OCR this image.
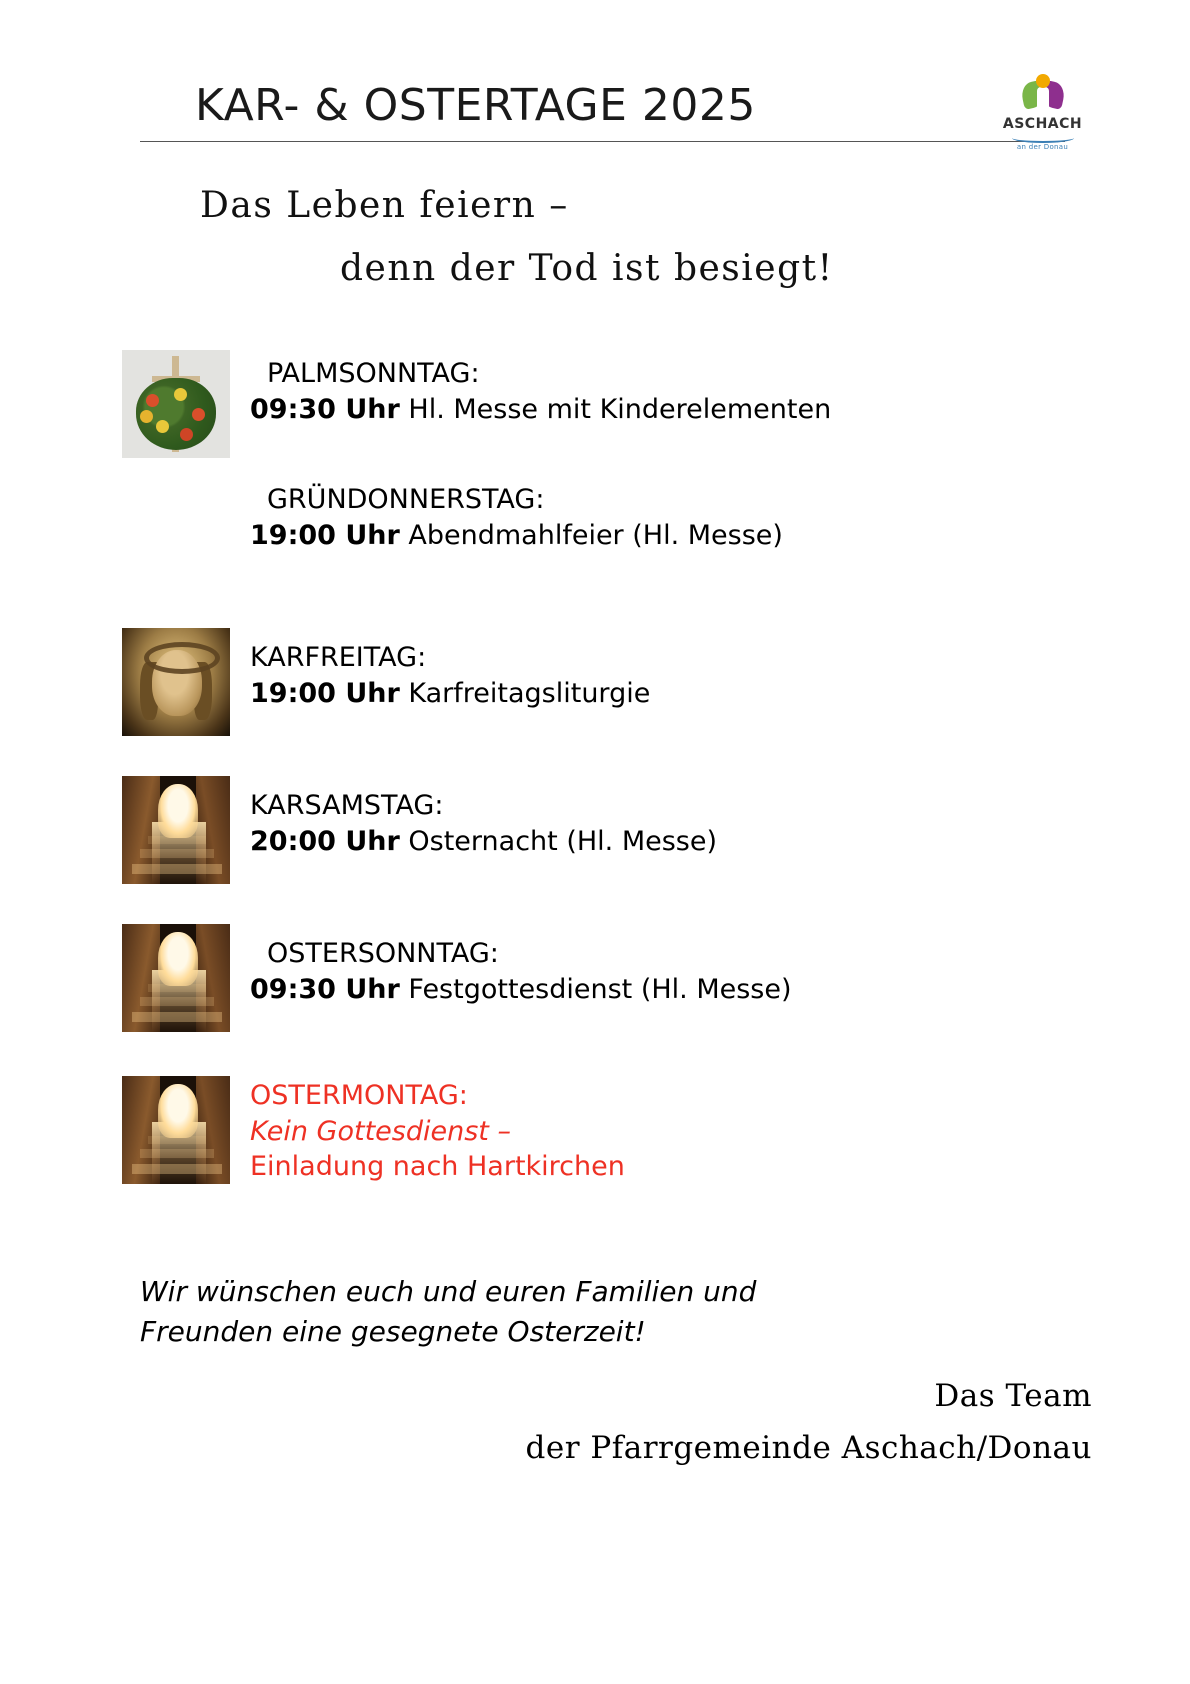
KAR- & OSTERTAGE 2025	ASCHACH
an der Donau
Das Leben feiern –
denn der Tod ist besiegt!
PALMSONNTAG:
09:30 Uhr Hl. Messe mit Kinderelementen
GRÜNDONNERSTAG:
19:00 Uhr Abendmahlfeier (Hl. Messe)
KARFREITAG:
19:00 Uhr Karfreitagsliturgie
KARSAMSTAG:
20:00 Uhr Osternacht (Hl. Messe)
OSTERSONNTAG:
09:30 Uhr Festgottesdienst (Hl. Messe)
OSTERMONTAG:
Kein Gottesdienst –
Einladung nach Hartkirchen
Wir wünschen euch und euren Familien und
Freunden eine gesegnete Osterzeit!
Das Team
der Pfarrgemeinde Aschach/Donau
